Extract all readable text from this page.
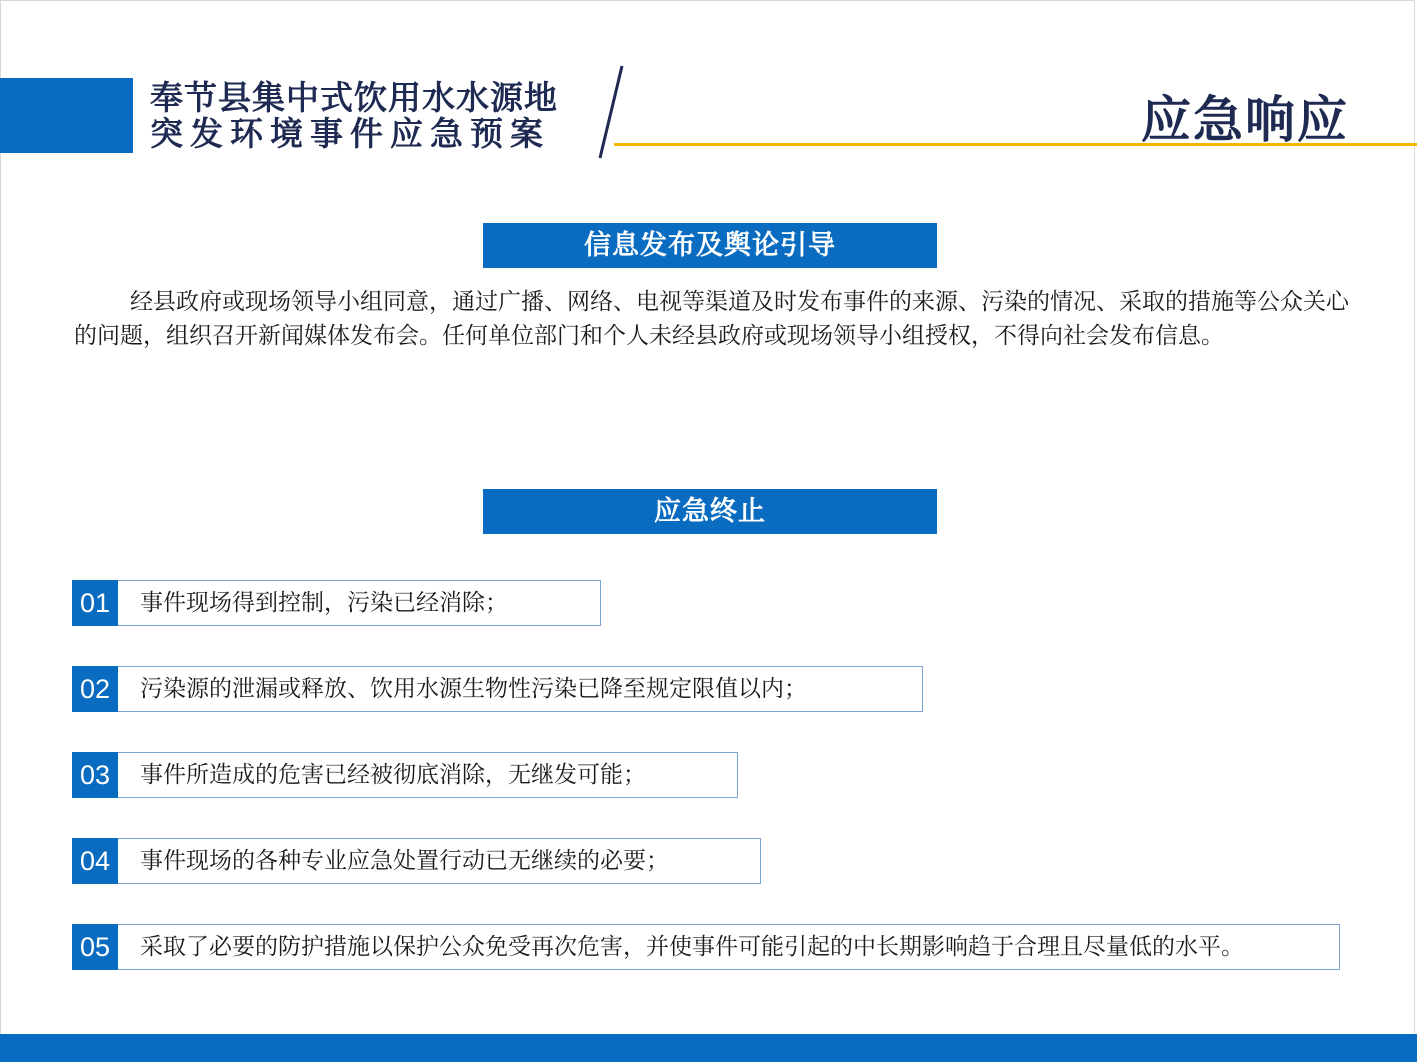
奉节县集中式饮用水水源地
突发环境事件应急预案	应急响应
信息发布及舆论引导

经县政府或现场领导小组同意，通过广播、网络、电视等渠道及时发布事件的来源、污染的情况、采取的措施等公众关心的问题，组织召开新闻媒体发布会。任何单位部门和个人未经县政府或现场领导小组授权，不得向社会发布信息。

应急终止
01	事件现场得到控制，污染已经消除；
02	污染源的泄漏或释放、饮用水源生物性污染已降至规定限值以内；
03	事件所造成的危害已经被彻底消除，无继发可能；
04	事件现场的各种专业应急处置行动已无继续的必要；
05	采取了必要的防护措施以保护公众免受再次危害，并使事件可能引起的中长期影响趋于合理且尽量低的水平。
